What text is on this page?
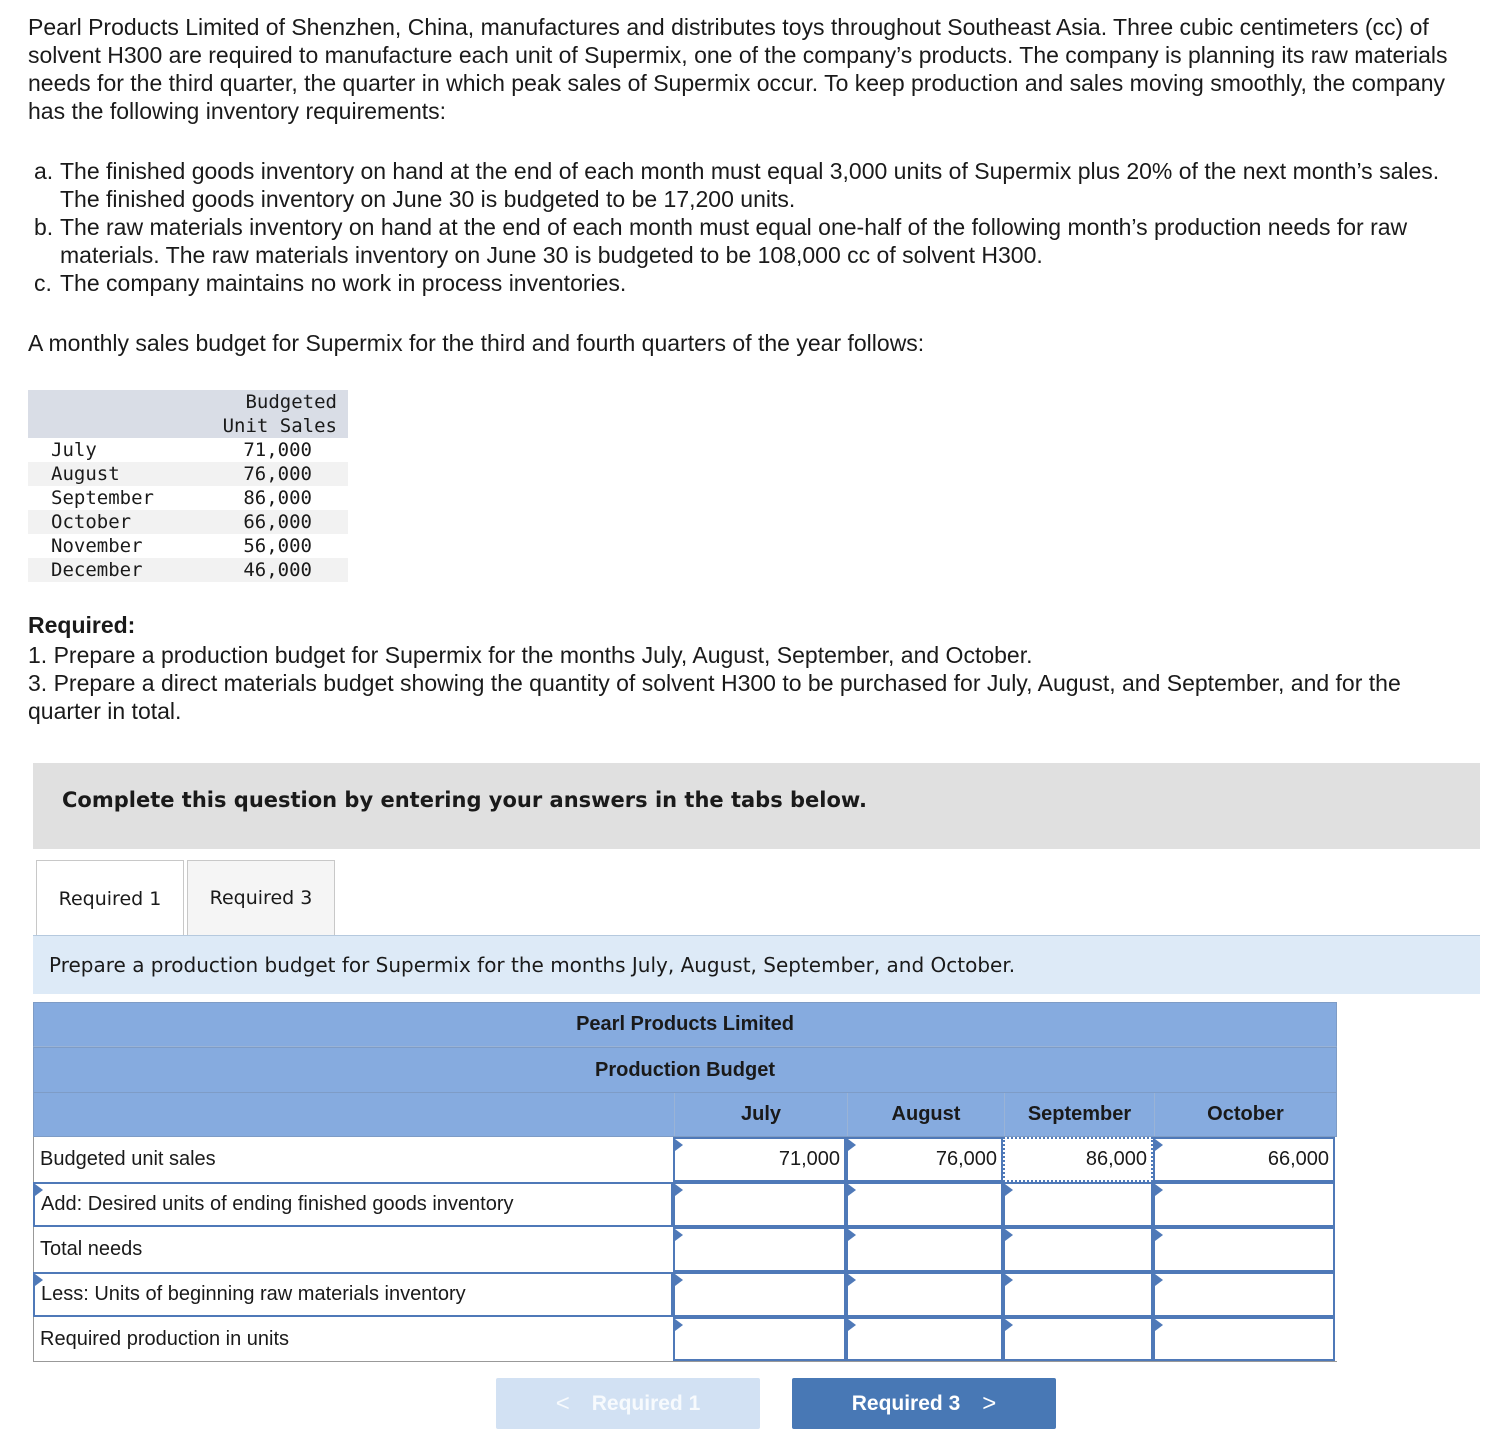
Pearl Products Limited of Shenzhen, China, manufactures and distributes toys throughout Southeast Asia. Three cubic centimeters (cc) of solvent H300 are required to manufacture each unit of Supermix, one of the company’s products. The company is planning its raw materials needs for the third quarter, the quarter in which peak sales of Supermix occur. To keep production and sales moving smoothly, the company has the following inventory requirements:

a. The finished goods inventory on hand at the end of each month must equal 3,000 units of Supermix plus 20% of the next month’s sales. The finished goods inventory on June 30 is budgeted to be 17,200 units.
b. The raw materials inventory on hand at the end of each month must equal one-half of the following month’s production needs for raw materials. The raw materials inventory on June 30 is budgeted to be 108,000 cc of solvent H300.
c. The company maintains no work in process inventories.

A monthly sales budget for Supermix for the third and fourth quarters of the year follows:

Budgeted	
Unit Sales	
July	71,000
August	76,000
September	86,000
October	66,000
November	56,000
December	46,000
Required:

1. Prepare a production budget for Supermix for the months July, August, September, and October.

3. Prepare a direct materials budget showing the quantity of solvent H300 to be purchased for July, August, and September, and for the quarter in total.

Complete this question by entering your answers in the tabs below.
Required 1	Required 3
Prepare a production budget for Supermix for the months July, August, September, and October.
Pearl Products Limited
Production Budget
July	August	September	October
Budgeted unit sales	71,000	76,000	86,000	66,000
Add: Desired units of ending finished goods inventory
Total needs
Less: Units of beginning raw materials inventory
Required production in units
< Required 1	Required 3 >
